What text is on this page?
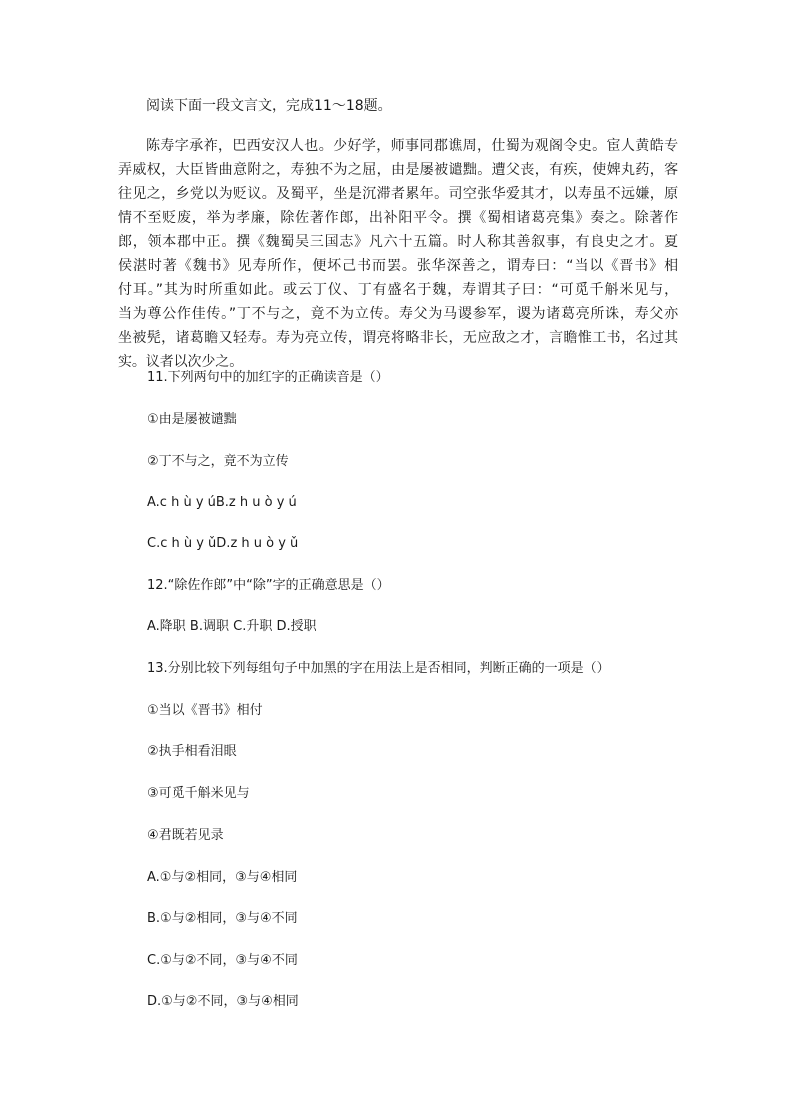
阅读下面一段文言文，完成11～18题。
陈寿字承祚，巴西安汉人也。少好学，师事同郡谯周，仕蜀为观阁令史。宦人黄皓专
弄威权，大臣皆曲意附之，寿独不为之屈，由是屡被谴黜。遭父丧，有疾，使婢丸药，客
往见之，乡党以为贬议。及蜀平，坐是沉滞者累年。司空张华爱其才，以寿虽不远嫌，原
情不至贬废，举为孝廉，除佐著作郎，出补阳平令。撰《蜀相诸葛亮集》奏之。除著作
郎，领本郡中正。撰《魏蜀吴三国志》凡六十五篇。时人称其善叙事，有良史之才。夏
侯湛时著《魏书》见寿所作，便坏己书而罢。张华深善之，谓寿曰：“当以《晋书》相
付耳。”其为时所重如此。或云丁仪、丁有盛名于魏，寿谓其子曰：“可觅千斛米见与，
当为尊公作佳传。”丁不与之，竟不为立传。寿父为马谡参军，谡为诸葛亮所诛，寿父亦
坐被髡，诸葛瞻又轻寿。寿为亮立传，谓亮将略非长，无应敌之才，言瞻惟工书，名过其
实。议者以次少之。
11.下列两句中的加红字的正确读音是（）
①由是屡被谴黜
②丁不与之，竟不为立传
A.c h ù y úB.z h u ò y ú
C.c h ù y ǔD.z h u ò y ǔ
12.“除佐作郎”中“除”字的正确意思是（）
A.降职 B.调职 C.升职 D.授职
13.分别比较下列每组句子中加黑的字在用法上是否相同，判断正确的一项是（）
①当以《晋书》相付
②执手相看泪眼
③可觅千斛米见与
④君既若见录
A.①与②相同，③与④相同
B.①与②相同，③与④不同
C.①与②不同，③与④不同
D.①与②不同，③与④相同
